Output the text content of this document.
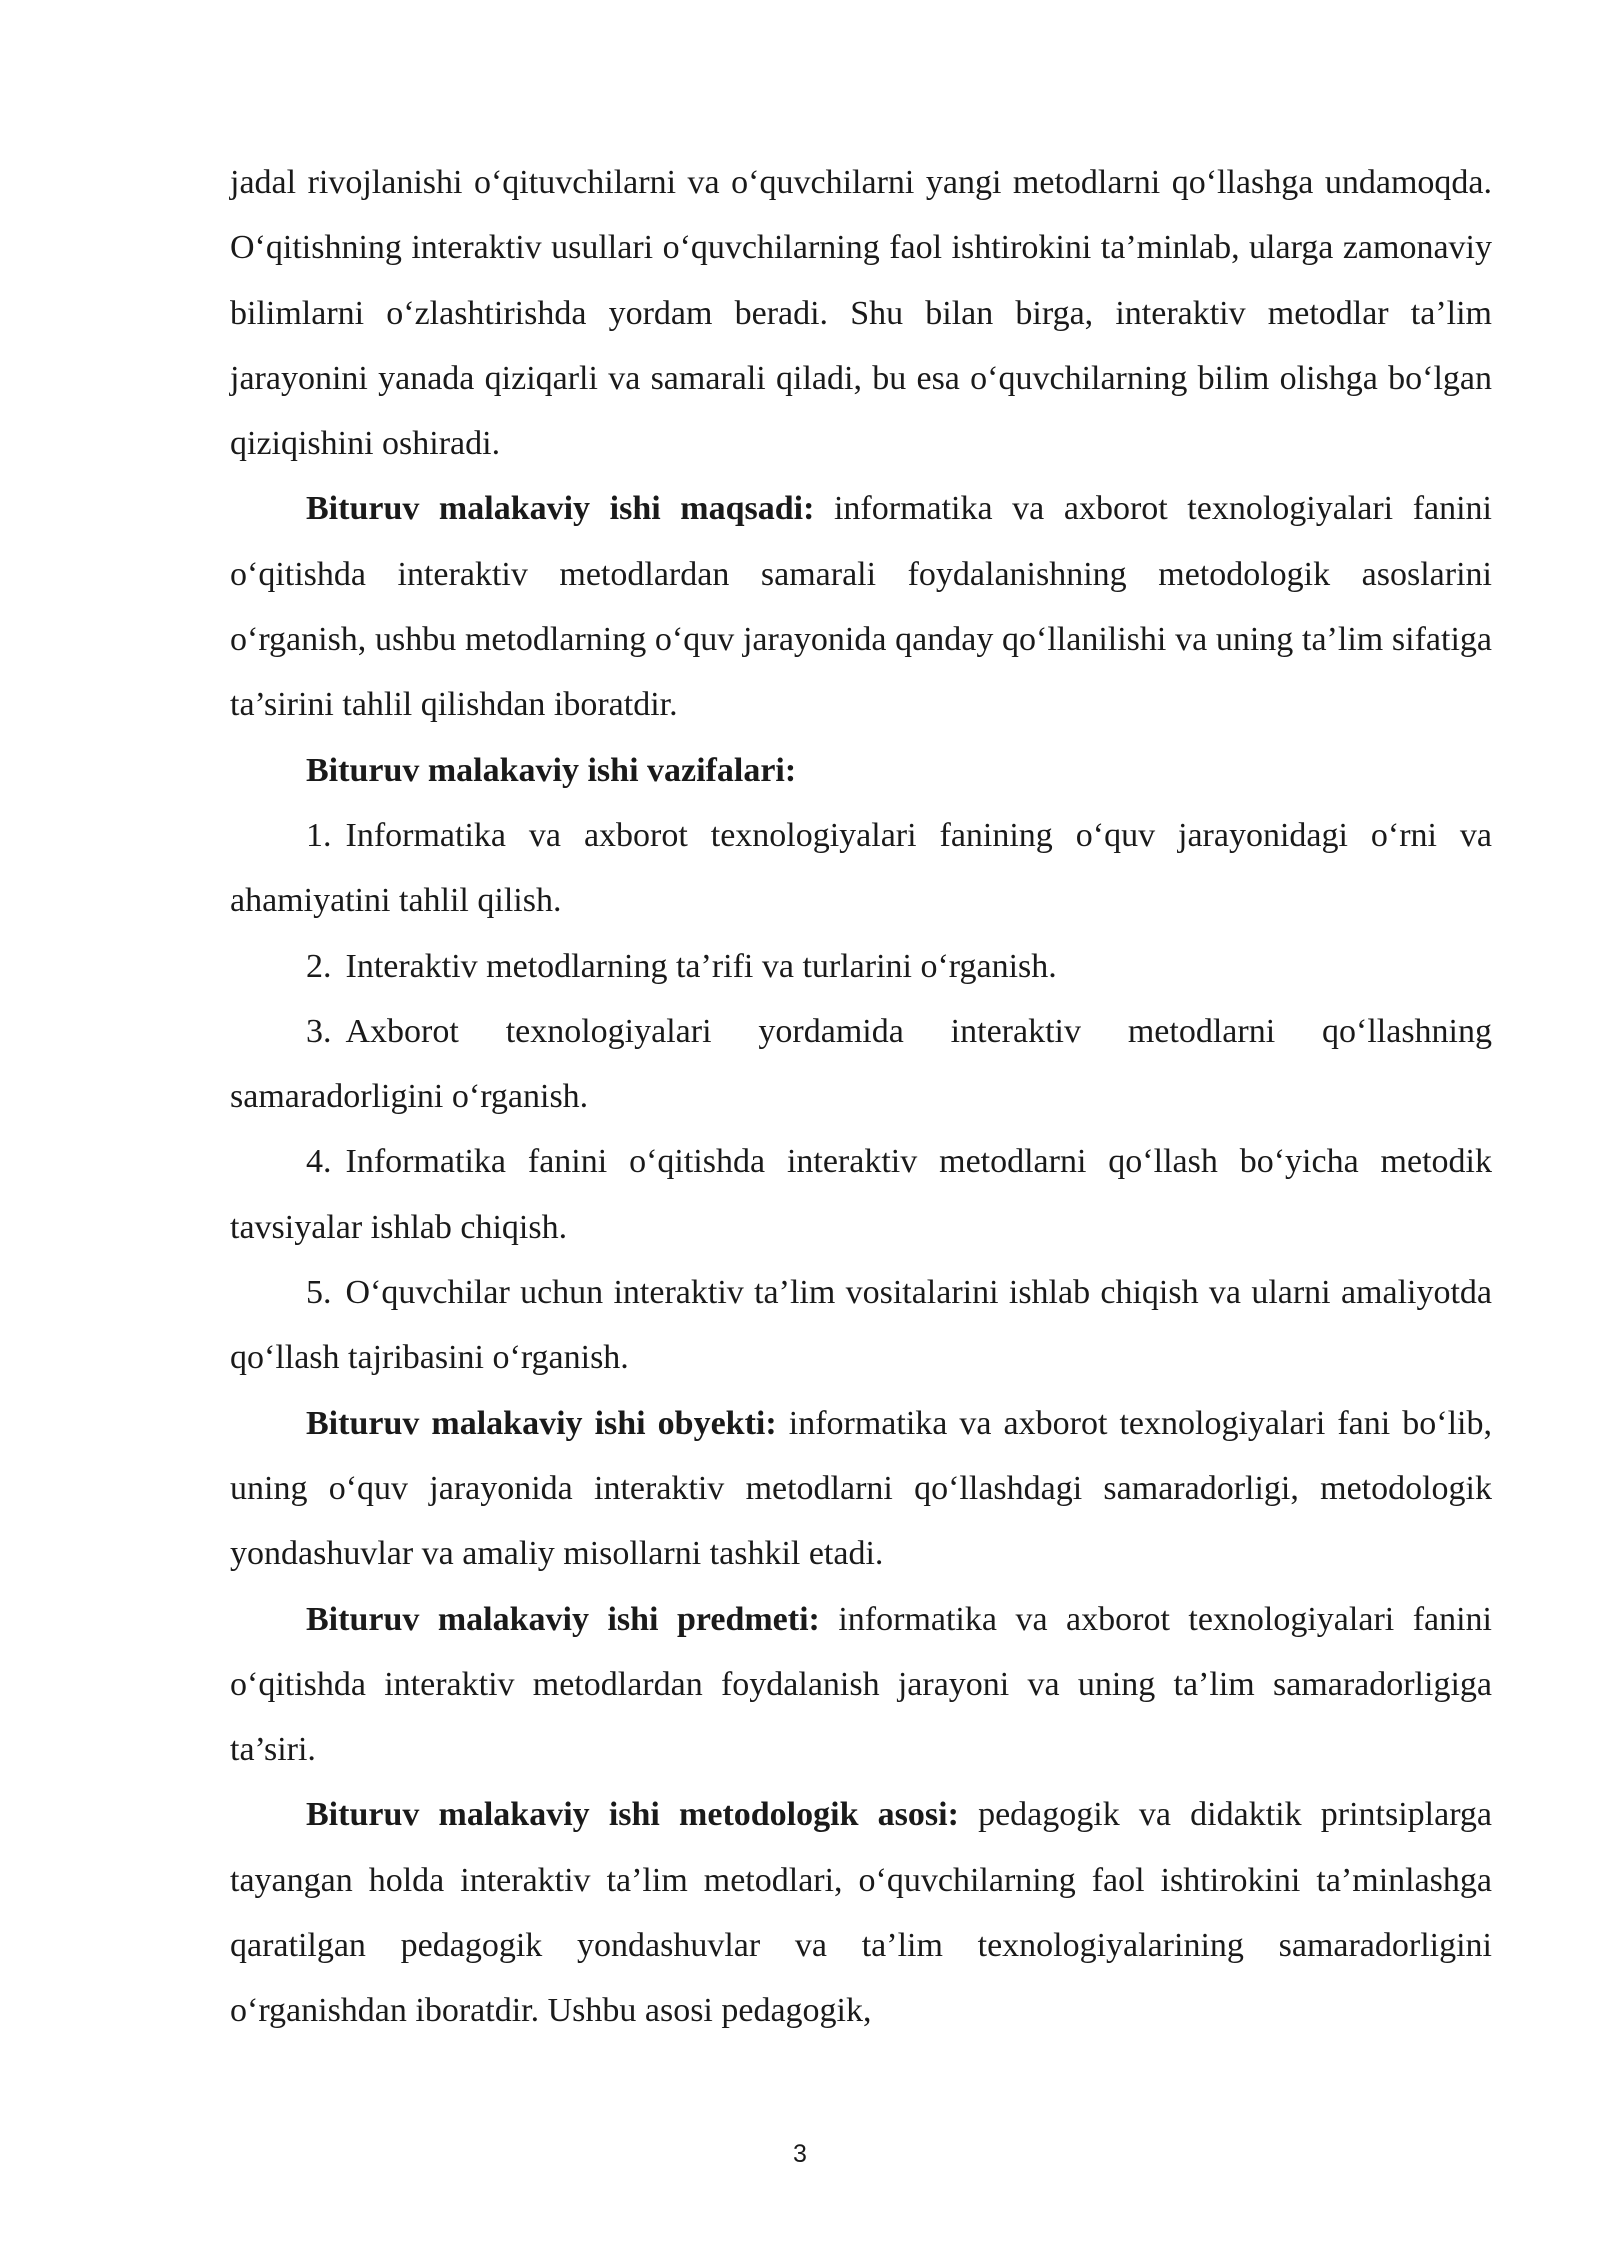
jadal rivojlanishi o‘qituvchilarni va o‘quvchilarni yangi metodlarni qo‘llashga undamoqda. O‘qitishning interaktiv usullari o‘quvchilarning faol ishtirokini ta’minlab, ularga zamonaviy bilimlarni o‘zlashtirishda yordam beradi. Shu bilan birga, interaktiv metodlar ta’lim jarayonini yanada qiziqarli va samarali qiladi, bu esa o‘quvchilarning bilim olishga bo‘lgan qiziqishini oshiradi.

Bituruv malakaviy ishi maqsadi: informatika va axborot texnologiyalari fanini o‘qitishda interaktiv metodlardan samarali foydalanishning metodologik asoslarini o‘rganish, ushbu metodlarning o‘quv jarayonida qanday qo‘llanilishi va uning ta’lim sifatiga ta’sirini tahlil qilishdan iboratdir.

Bituruv malakaviy ishi vazifalari:

1. Informatika va axborot texnologiyalari fanining o‘quv jarayonidagi o‘rni va ahamiyatini tahlil qilish.

2. Interaktiv metodlarning ta’rifi va turlarini o‘rganish.

3. Axborot texnologiyalari yordamida interaktiv metodlarni qo‘llashning samaradorligini o‘rganish.

4. Informatika fanini o‘qitishda interaktiv metodlarni qo‘llash bo‘yicha metodik tavsiyalar ishlab chiqish.

5. O‘quvchilar uchun interaktiv ta’lim vositalarini ishlab chiqish va ularni amaliyotda qo‘llash tajribasini o‘rganish.

Bituruv malakaviy ishi obyekti: informatika va axborot texnologiyalari fani bo‘lib, uning o‘quv jarayonida interaktiv metodlarni qo‘llashdagi samaradorligi, metodologik yondashuvlar va amaliy misollarni tashkil etadi.

Bituruv malakaviy ishi predmeti: informatika va axborot texnologiyalari fanini o‘qitishda interaktiv metodlardan foydalanish jarayoni va uning ta’lim samaradorligiga ta’siri.

Bituruv malakaviy ishi metodologik asosi: pedagogik va didaktik printsiplarga tayangan holda interaktiv ta’lim metodlari, o‘quvchilarning faol ishtirokini ta’minlashga qaratilgan pedagogik yondashuvlar va ta’lim texnologiyalarining samaradorligini o‘rganishdan iboratdir. Ushbu asosi pedagogik,

3
